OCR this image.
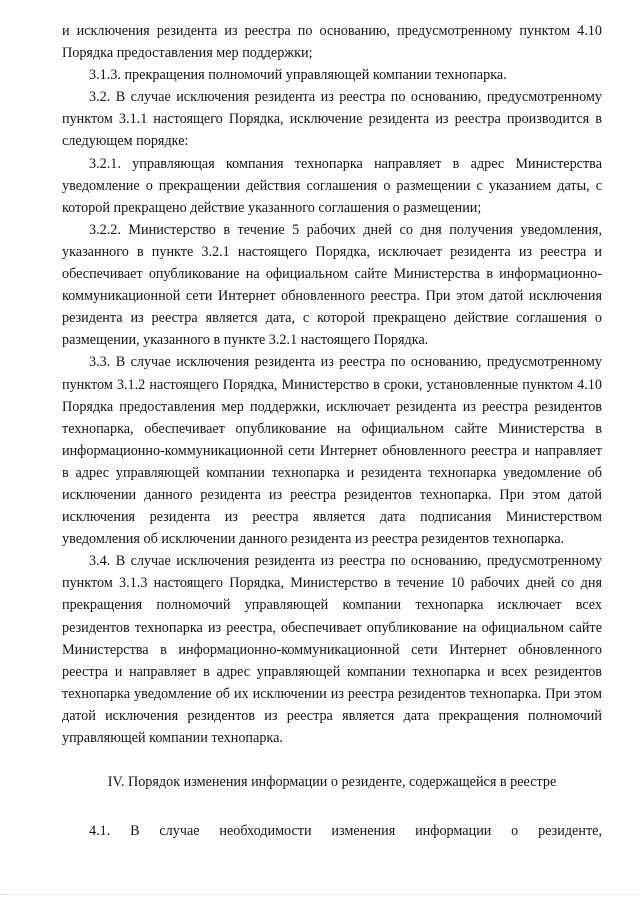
и исключения резидента из реестра по основанию, предусмотренному пунктом 4.10 Порядка предоставления мер поддержки;

3.1.3. прекращения полномочий управляющей компании технопарка.

3.2. В случае исключения резидента из реестра по основанию, предусмотренному пунктом 3.1.1 настоящего Порядка, исключение резидента из реестра производится в следующем порядке:

3.2.1. управляющая компания технопарка направляет в адрес Министерства уведомление о прекращении действия соглашения о размещении с указанием даты, с которой прекращено действие указанного соглашения о размещении;

3.2.2. Министерство в течение 5 рабочих дней со дня получения уведомления, указанного в пункте 3.2.1 настоящего Порядка, исключает резидента из реестра и обеспечивает опубликование на официальном сайте Министерства в информационно-коммуникационной сети Интернет обновленного реестра. При этом датой исключения резидента из реестра является дата, с которой прекращено действие соглашения о размещении, указанного в пункте 3.2.1 настоящего Порядка.

3.3. В случае исключения резидента из реестра по основанию, предусмотренному пунктом 3.1.2 настоящего Порядка, Министерство в сроки, установленные пунктом 4.10 Порядка предоставления мер поддержки, исключает резидента из реестра резидентов технопарка, обеспечивает опубликование на официальном сайте Министерства в информационно-коммуникационной сети Интернет обновленного реестра и направляет в адрес управляющей компании технопарка и резидента технопарка уведомление об исключении данного резидента из реестра резидентов технопарка. При этом датой исключения резидента из реестра является дата подписания Министерством уведомления об исключении данного резидента из реестра резидентов технопарка.

3.4. В случае исключения резидента из реестра по основанию, предусмотренному пунктом 3.1.3 настоящего Порядка, Министерство в течение 10 рабочих дней со дня прекращения полномочий управляющей компании технопарка исключает всех резидентов технопарка из реестра, обеспечивает опубликование на официальном сайте Министерства в информационно-коммуникационной сети Интернет обновленного реестра и направляет в адрес управляющей компании технопарка и всех резидентов технопарка уведомление об их исключении из реестра резидентов технопарка. При этом датой исключения резидентов из реестра является дата прекращения полномочий управляющей компании технопарка.

IV. Порядок изменения информации о резиденте, содержащейся в реестре

4.1. В случае необходимости изменения информации о резиденте,
